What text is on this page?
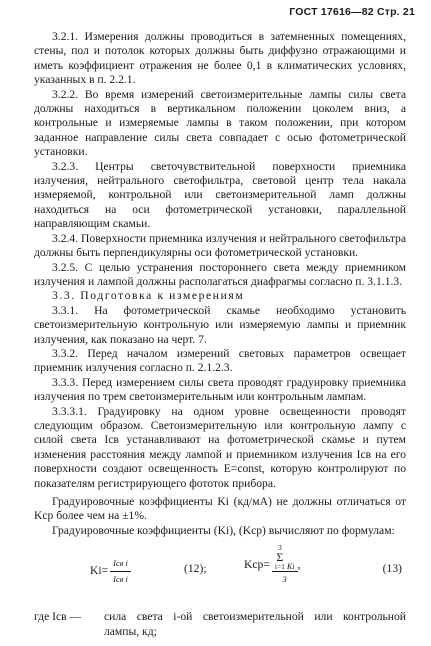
ГОСТ 17616—82 Стр. 21

3.2.1. Измерения должны проводиться в затемненных помещениях, стены, пол и потолок которых должны быть диффузно отражающими и иметь коэффициент отражения не более 0,1 в климатических условиях, указанных в п. 2.2.1.

3.2.2. Во время измерений светоизмерительные лампы силы света должны находиться в вертикальном положении цоколем вниз, а контрольные и измеряемые лампы в таком положении, при котором заданное направление силы света совпадает с осью фотометрической установки.

3.2.3. Центры светочувствительной поверхности приемника излучения, нейтрального светофильтра, световой центр тела накала измеряемой, контрольной или светоизмерительной ламп должны находиться на оси фотометрической установки, параллельной направляющим скамьи.

3.2.4. Поверхности приемника излучения и нейтрального светофильтра должны быть перпендикулярны оси фотометрической установки.

3.2.5. С целью устранения постороннего света между приемником излучения и лампой должны располагаться диафрагмы согласно п. 3.1.1.3.

3.3. Подготовка к измерениям

3.3.1. На фотометрической скамье необходимо установить светоизмерительную контрольную или измеряемую лампы и приемник излучения, как показано на черт. 7.

3.3.2. Перед началом измерений световых параметров освещает приемник излучения согласно п. 2.1.2.3.

3.3.3. Перед измерением силы света проводят градуировку приемника излучения по трем светоизмерительным или контрольным лампам.

3.3.3.1. Градуировку на одном уровне освещенности проводят следующим образом. Светоизмерительную или контрольную лампу с силой света Iсв устанавливают на фотометрической скамье и путем изменения расстояния между лампой и приемником излучения Iсв на его поверхности создают освещенность E=const, которую контролируют по показателям регистрирующего фототок прибора.

Градуировочные коэффициенты Ki (кд/мА) не должны отличаться от Kср более чем на ±1%.

Градуировочные коэффициенты (Ki), (Kср) вычисляют по формулам:

$Ki= \frac{\text{Iсв i}}{\text{Iсв i}}$	(12);	Kср=
3
Σ
i=1 Ki
3
,	(13)
где Iсв —	сила света i-ой светоизмерительной или контрольной лампы, кд;
